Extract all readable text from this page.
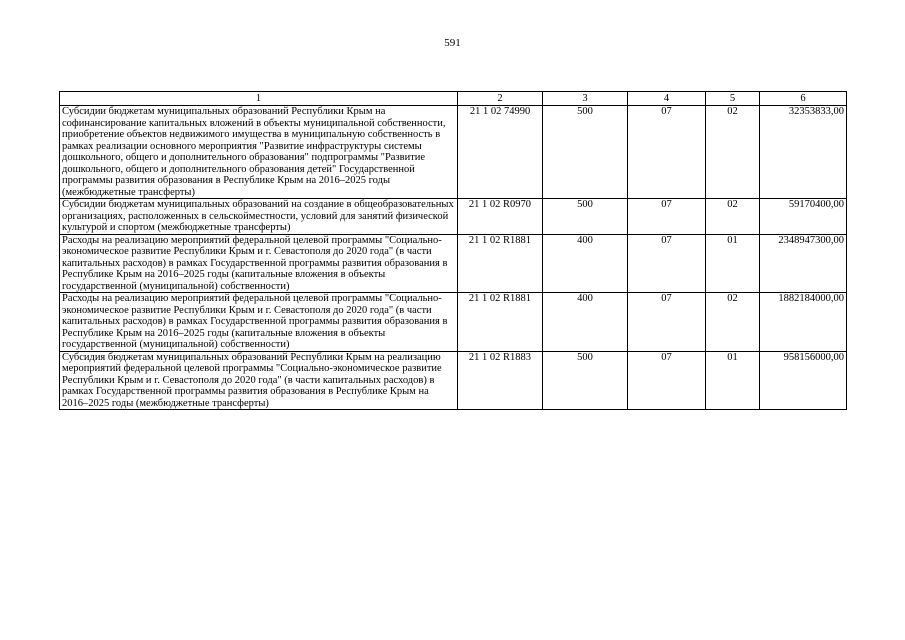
591
1	2	3	4	5	6
Субсидии бюджетам муниципальных образований Республики Крым на софинансирование капитальных вложений в объекты муниципальной собственности, приобретение объектов недвижимого имущества в муниципальную собственность в рамках реализации основного мероприятия "Развитие инфраструктуры системы дошкольного, общего и дополнительного образования" подпрограммы "Развитие дошкольного, общего и дополнительного образования детей" Государственной программы развития образования в Республике Крым на 2016–2025 годы (межбюджетные трансферты)	21 1 02 74990	500	07	02	32353833,00
Субсидии бюджетам муниципальных образований на создание в общеобразовательных организациях, расположенных в сельскойместности, условий для занятий физической культурой и спортом (межбюджетные трансферты)	21 1 02 R0970	500	07	02	59170400,00
Расходы на реализацию мероприятий федеральной целевой программы "Социально-экономическое развитие Республики Крым и г. Севастополя до 2020 года" (в части капитальных расходов) в рамках Государственной программы развития образования в Республике Крым на 2016–2025 годы (капитальные вложения в объекты государственной (муниципальной) собственности)	21 1 02 R1881	400	07	01	2348947300,00
Расходы на реализацию мероприятий федеральной целевой программы "Социально-экономическое развитие Республики Крым и г. Севастополя до 2020 года" (в части капитальных расходов) в рамках Государственной программы развития образования в Республике Крым на 2016–2025 годы (капитальные вложения в объекты государственной (муниципальной) собственности)	21 1 02 R1881	400	07	02	1882184000,00
Субсидия бюджетам муниципальных образований Республики Крым на реализацию мероприятий федеральной целевой программы "Социально-экономическое развитие Республики Крым и г. Севастополя до 2020 года" (в части капитальных расходов) в рамках Государственной программы развития образования в Республике Крым на 2016–2025 годы (межбюджетные трансферты)	21 1 02 R1883	500	07	01	958156000,00
